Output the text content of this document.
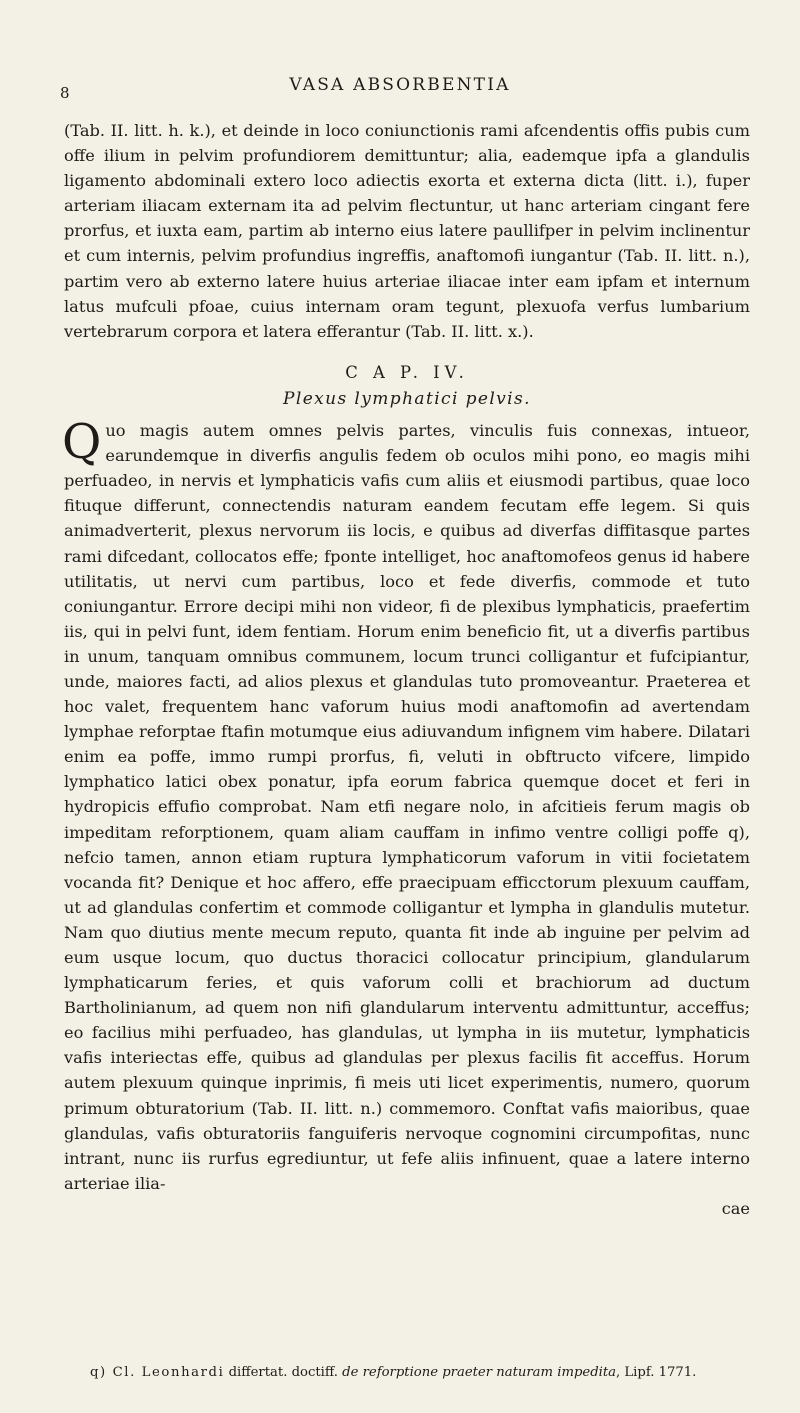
8	VASA ABSORBENTIA

(Tab. II. litt. h. k.), et deinde in loco coniunctionis rami afcendentis offis pubis cum offe ilium in pelvim profundiorem demittuntur; alia, eademque ipfa a glandulis ligamento abdominali extero loco adiectis exorta et externa dicta (litt. i.), fuper arteriam iliacam externam ita ad pelvim flectuntur, ut hanc arteriam cingant fere prorfus, et iuxta eam, partim ab interno eius latere paullifper in pelvim inclinentur et cum internis, pelvim profundius ingreffis, anaftomofi iungantur (Tab. II. litt. n.), partim vero ab externo latere huius arteriae iliacae inter eam ipfam et internum latus mufculi pfoae, cuius internam oram tegunt, plexuofa verfus lumbarium vertebrarum corpora et latera efferantur (Tab. II. litt. x.).

C A P. IV.
Plexus lymphatici pelvis.

Quo magis autem omnes pelvis partes, vinculis fuis connexas, intueor, earundemque in diverfis angulis fedem ob oculos mihi pono, eo magis mihi perfuadeo, in nervis et lymphaticis vafis cum aliis et eiusmodi partibus, quae loco fituque differunt, connectendis naturam eandem fecutam effe legem. Si quis animadverterit, plexus nervorum iis locis, e quibus ad diverfas diffitasque partes rami difcedant, collocatos effe; fponte intelliget, hoc anaftomofeos genus id habere utilitatis, ut nervi cum partibus, loco et fede diverfis, commode et tuto coniungantur. Errore decipi mihi non videor, fi de plexibus lymphaticis, praefertim iis, qui in pelvi funt, idem fentiam. Horum enim beneficio fit, ut a diverfis partibus in unum, tanquam omnibus communem, locum trunci colligantur et fufcipiantur, unde, maiores facti, ad alios plexus et glandulas tuto promoveantur. Praeterea et hoc valet, frequentem hanc vaforum huius modi anaftomofin ad avertendam lymphae reforptae ftafin motumque eius adiuvandum infignem vim habere. Dilatari enim ea poffe, immo rumpi prorfus, fi, veluti in obftructo vifcere, limpido lymphatico latici obex ponatur, ipfa eorum fabrica quemque docet et feri in hydropicis effufio comprobat. Nam etfi negare nolo, in afcitieis ferum magis ob impeditam reforptionem, quam aliam cauffam in infimo ventre colligi poffe q), nefcio tamen, annon etiam ruptura lymphaticorum vaforum in vitii focietatem vocanda fit? Denique et hoc affero, effe praecipuam efficctorum plexuum cauffam, ut ad glandulas confertim et commode colligantur et lympha in glandulis mutetur. Nam quo diutius mente mecum reputo, quanta fit inde ab inguine per pelvim ad eum usque locum, quo ductus thoracici collocatur principium, glandularum lymphaticarum feries, et quis vaforum colli et brachiorum ad ductum Bartholinianum, ad quem non nifi glandularum interventu admittuntur, acceffus; eo facilius mihi perfuadeo, has glandulas, ut lympha in iis mutetur, lymphaticis vafis interiectas effe, quibus ad glandulas per plexus facilis fit acceffus. Horum autem plexuum quinque inprimis, fi meis uti licet experimentis, numero, quorum primum obturatorium (Tab. II. litt. n.) commemoro. Conftat vafis maioribus, quae glandulas, vafis obturatoriis fanguiferis nervoque cognomini circumpofitas, nunc intrant, nunc iis rurfus egrediuntur, ut fefe aliis infinuent, quae a latere interno arteriae ilia-

cae

q) Cl. Leonhardi differtat. doctiff. de reforptione praeter naturam impedita, Lipf. 1771.
